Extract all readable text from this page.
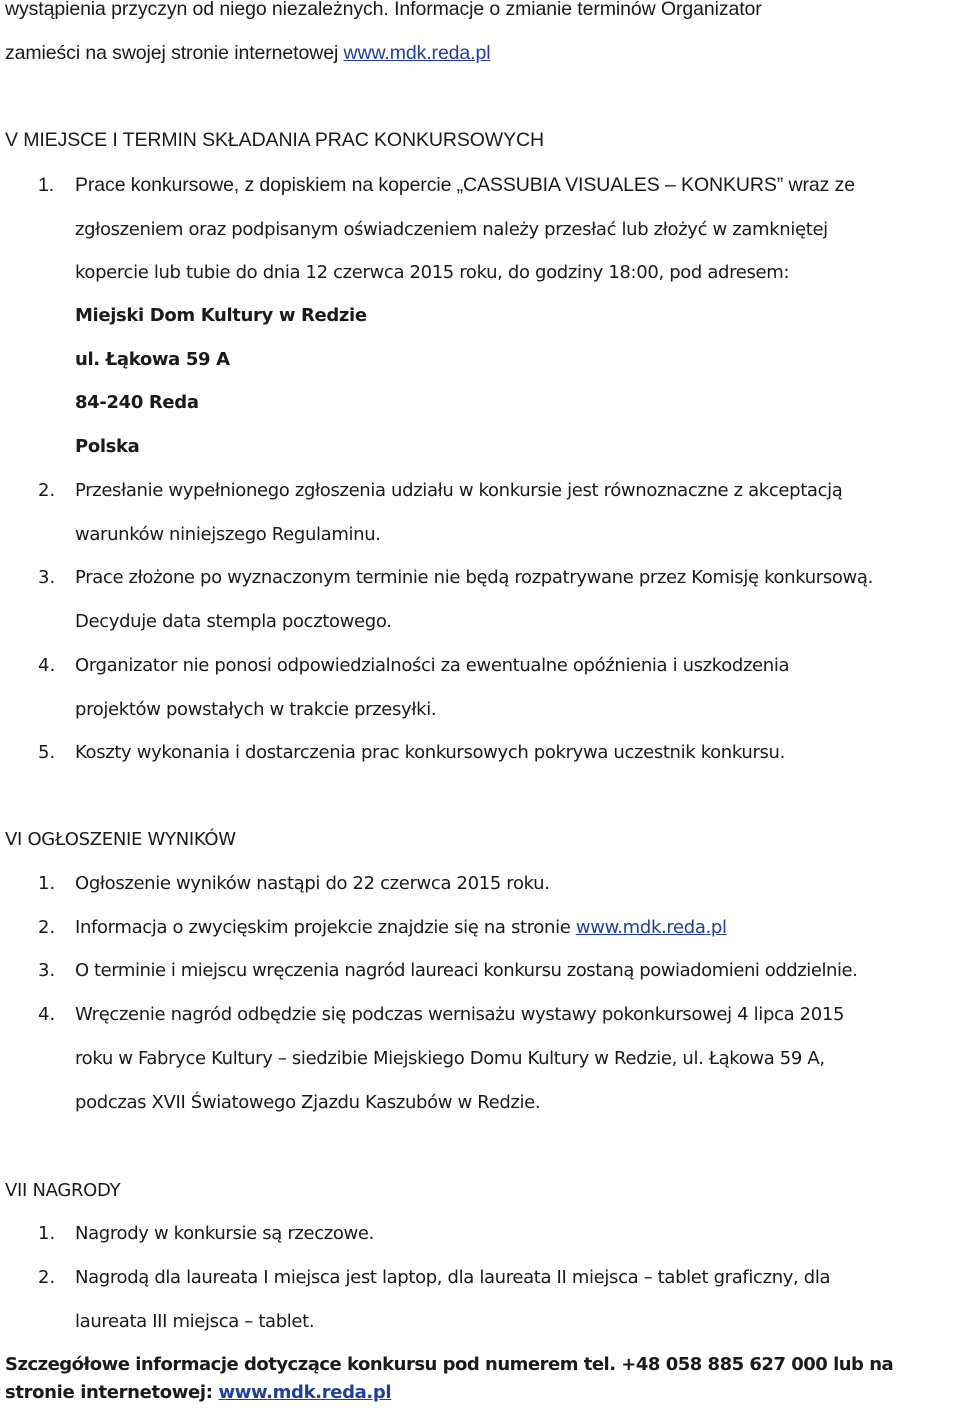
wystąpienia przyczyn od niego niezależnych. Informacje o zmianie terminów Organizator
zamieści na swojej stronie internetowej www.mdk.reda.pl
V MIEJSCE I TERMIN SKŁADANIA PRAC KONKURSOWYCH
1. Prace konkursowe, z dopiskiem na kopercie „CASSUBIA VISUALES – KONKURS” wraz ze
zgłoszeniem oraz podpisanym oświadczeniem należy przesłać lub złożyć w zamkniętej
kopercie lub tubie do dnia 12 czerwca 2015 roku, do godziny 18:00, pod adresem:
Miejski Dom Kultury w Redzie
ul. Łąkowa 59 A
84-240 Reda
Polska
2. Przesłanie wypełnionego zgłoszenia udziału w konkursie jest równoznaczne z akceptacją
warunków niniejszego Regulaminu.
3. Prace złożone po wyznaczonym terminie nie będą rozpatrywane przez Komisję konkursową.
Decyduje data stempla pocztowego.
4. Organizator nie ponosi odpowiedzialności za ewentualne opóźnienia i uszkodzenia
projektów powstałych w trakcie przesyłki.
5. Koszty wykonania i dostarczenia prac konkursowych pokrywa uczestnik konkursu.
VI OGŁOSZENIE WYNIKÓW
1. Ogłoszenie wyników nastąpi do 22 czerwca 2015 roku.
2. Informacja o zwycięskim projekcie znajdzie się na stronie www.mdk.reda.pl
3. O terminie i miejscu wręczenia nagród laureaci konkursu zostaną powiadomieni oddzielnie.
4. Wręczenie nagród odbędzie się podczas wernisażu wystawy pokonkursowej 4 lipca 2015
roku w Fabryce Kultury – siedzibie Miejskiego Domu Kultury w Redzie, ul. Łąkowa 59 A,
podczas XVII Światowego Zjazdu Kaszubów w Redzie.
VII NAGRODY
1. Nagrody w konkursie są rzeczowe.
2. Nagrodą dla laureata I miejsca jest laptop, dla laureata II miejsca – tablet graficzny, dla
laureata III miejsca – tablet.
Szczegółowe informacje dotyczące konkursu pod numerem tel. +48 058 885 627 000 lub na
stronie internetowej: www.mdk.reda.pl
